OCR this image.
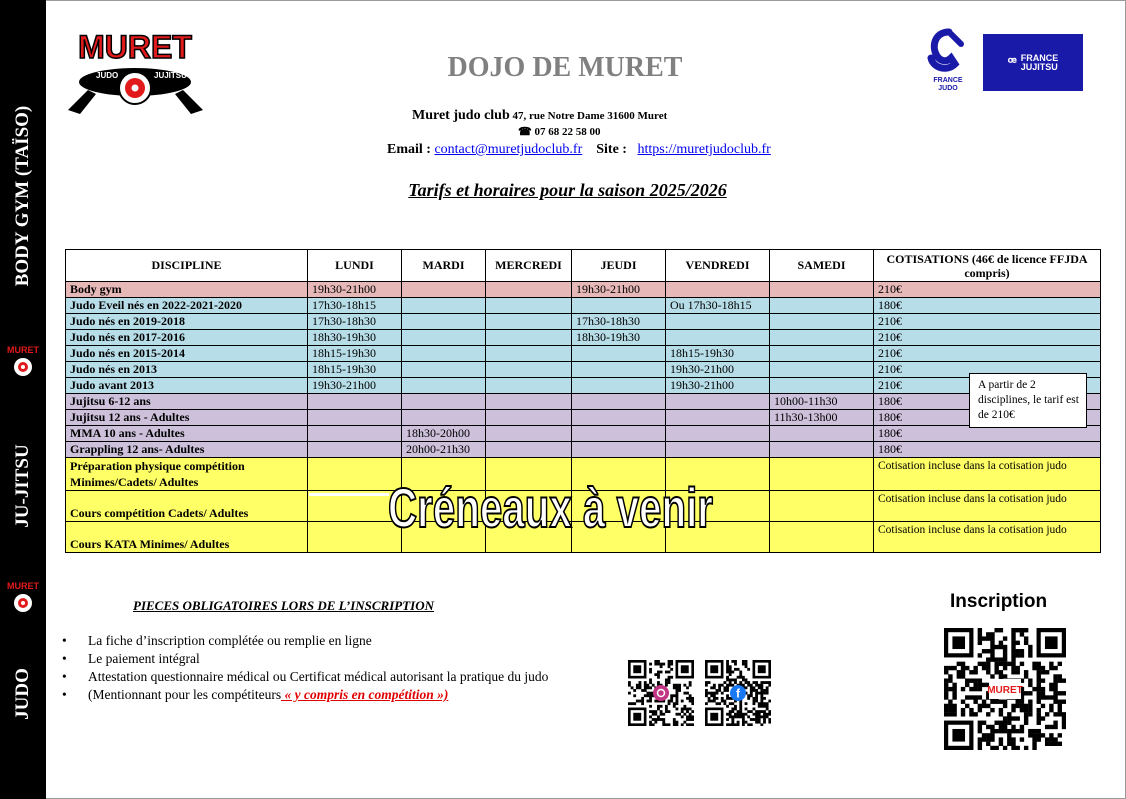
BODY GYM (TAÏSO)
MURET
JU-JITSU
MURET
JUDO
MURET
JUDO	JUJITSU	DOJO DE MURET
Muret judo club 47, rue Notre Dame 31600 Muret
☎ 07 68 22 58 00
Email : contact@muretjudoclub.fr Site :   https://muretjudoclub.fr
Tarifs et horaires pour la saison 2025/2026
FRANCE
JUDO
ꟹ FRANCE
JUJITSU
DISCIPLINE	LUNDI	MARDI	MERCREDI	JEUDI	VENDREDI	SAMEDI	COTISATIONS (46€ de licence FFJDA compris)
Body gym	19h30-21h00			19h30-21h00			210€
Judo Eveil nés en 2022-2021-2020	17h30-18h15				Ou 17h30-18h15		180€
Judo nés en 2019-2018	17h30-18h30			17h30-18h30			210€
Judo nés en 2017-2016	18h30-19h30			18h30-19h30			210€
Judo nés en 2015-2014	18h15-19h30				18h15-19h30		210€
Judo nés en 2013	18h15-19h30				19h30-21h00		210€
Judo avant 2013	19h30-21h00				19h30-21h00		210€
Jujitsu 6-12 ans						10h00-11h30	180€
Jujitsu 12 ans - Adultes						11h30-13h00	180€
MMA 10 ans - Adultes		18h30-20h00					180€
Grappling 12 ans- Adultes		20h00-21h30					180€
Préparation physique compétition Minimes/Cadets/ Adultes							Cotisation incluse dans la cotisation judo
Cours compétition Cadets/ Adultes							Cotisation incluse dans la cotisation judo
Cours KATA Minimes/ Adultes							Cotisation incluse dans la cotisation judo
Créneaux à venir
A partir de 2 disciplines, le tarif est de 210€
PIECES OBLIGATOIRES LORS DE L’INSCRIPTION
• La fiche d’inscription complétée ou remplie en ligne
• Le paiement intégral
• Attestation questionnaire médical ou Certificat médical autorisant la pratique du judo
• (Mentionnant pour les compétiteurs « y compris en compétition »)	f
Inscription
MURET
